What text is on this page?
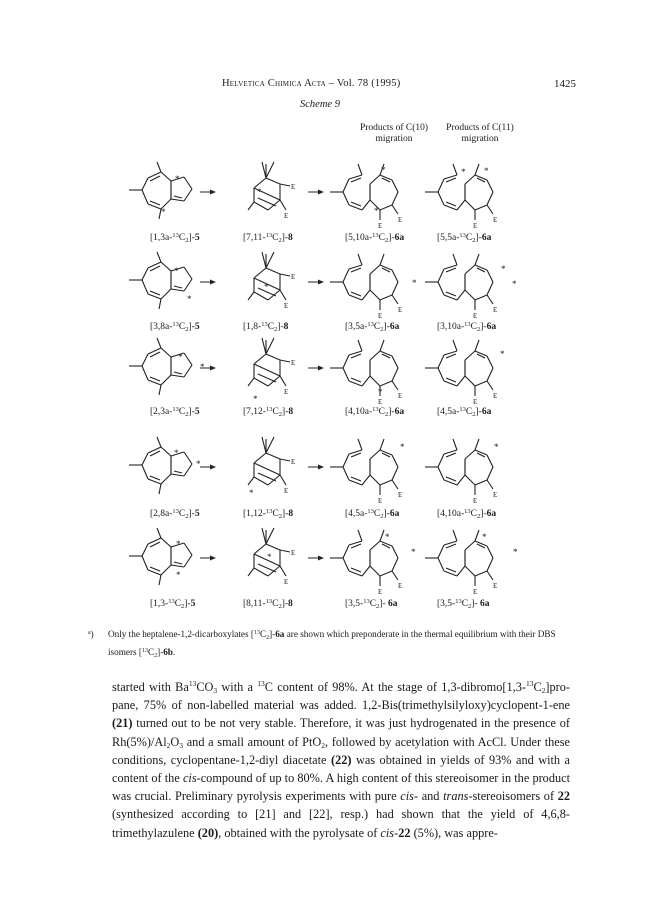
Helvetica Chimica Acta – Vol. 78 (1995)	1425
Scheme 9
Products of C(10) migration
Products of C(11) migration
*
*
E
E
*
E
E
*
*
E
E
* *
*
*
E
E
*
E
E
*
E
E
*
*
*
*	E
E
*	E
E
*	E
E
*
*
*	E
E
*	E
E
*
E
E
*
*
*
E
E
*
E
E
*
*
E
E
*
*
$[1,3a-^{13}C_2]-5$	$[7,11-^{13}C_2]-8$	$[5,10a-^{13}C_2]-6a$	$[5,5a-^{13}C_2]-6a$
$[3,8a-^{13}C_2]-5$	$[1,8-^{13}C_2]-8$	$[3,5a-^{13}C_2]-6a$	$[3,10a-^{13}C_2]-6a$
$[2,3a-^{13}C_2]-5$	$[7,12-^{13}C_2]-8$	$[4,10a-^{13}C_2]-6a$	$[4,5a-^{13}C_2]-6a$
$[2,8a-^{13}C_2]-5$	$[1,12-^{13}C_2]-8$	$[4,5a-^{13}C_2]-6a$	$[4,10a-^{13}C_2]-6a$
$[1,3-^{13}C_2]-5$	$[8,11-^{13}C_2]-8$	$[3,5-^{13}C_2]-$ 6a	$[3,5-^{13}C_2]-$ 6a
$^a$) Only the heptalene-1,2-dicarboxylates $[^{13}C_2]-6a$ are shown which preponderate in the thermal equilibrium with their DBS isomers $[^{13}C_2]-6b$.

started with $Ba^{13}CO_3$ with a $^{13}$C content of 98%. At the stage of $1,3-dibromo[1,3-^{13}C_2]pro$-pane, 75% of non-labelled material was added. 1,2-Bis(trimethylsilyloxy)cyclopent-1-ene (21) turned out to be not very stable. Therefore, it was just hydrogenated in the presence of $Rh(5\%)/Al_2O_3$ and a small amount of PtO$_2$, followed by acetylation with AcCl. Under these conditions, cyclopentane-1,2-diyl diacetate (22) was obtained in yields of 93% and with a content of the cis-compound of up to 80%. A high content of this stereoisomer in the product was crucial. Preliminary pyrolysis experiments with pure cis- and trans-stereoisomers of 22 (synthesized according to [21] and [22], resp.) had shown that the yield of 4,6,8-trimethylazulene (20), obtained with the pyrolysate of cis-22 (5%), was appre-
